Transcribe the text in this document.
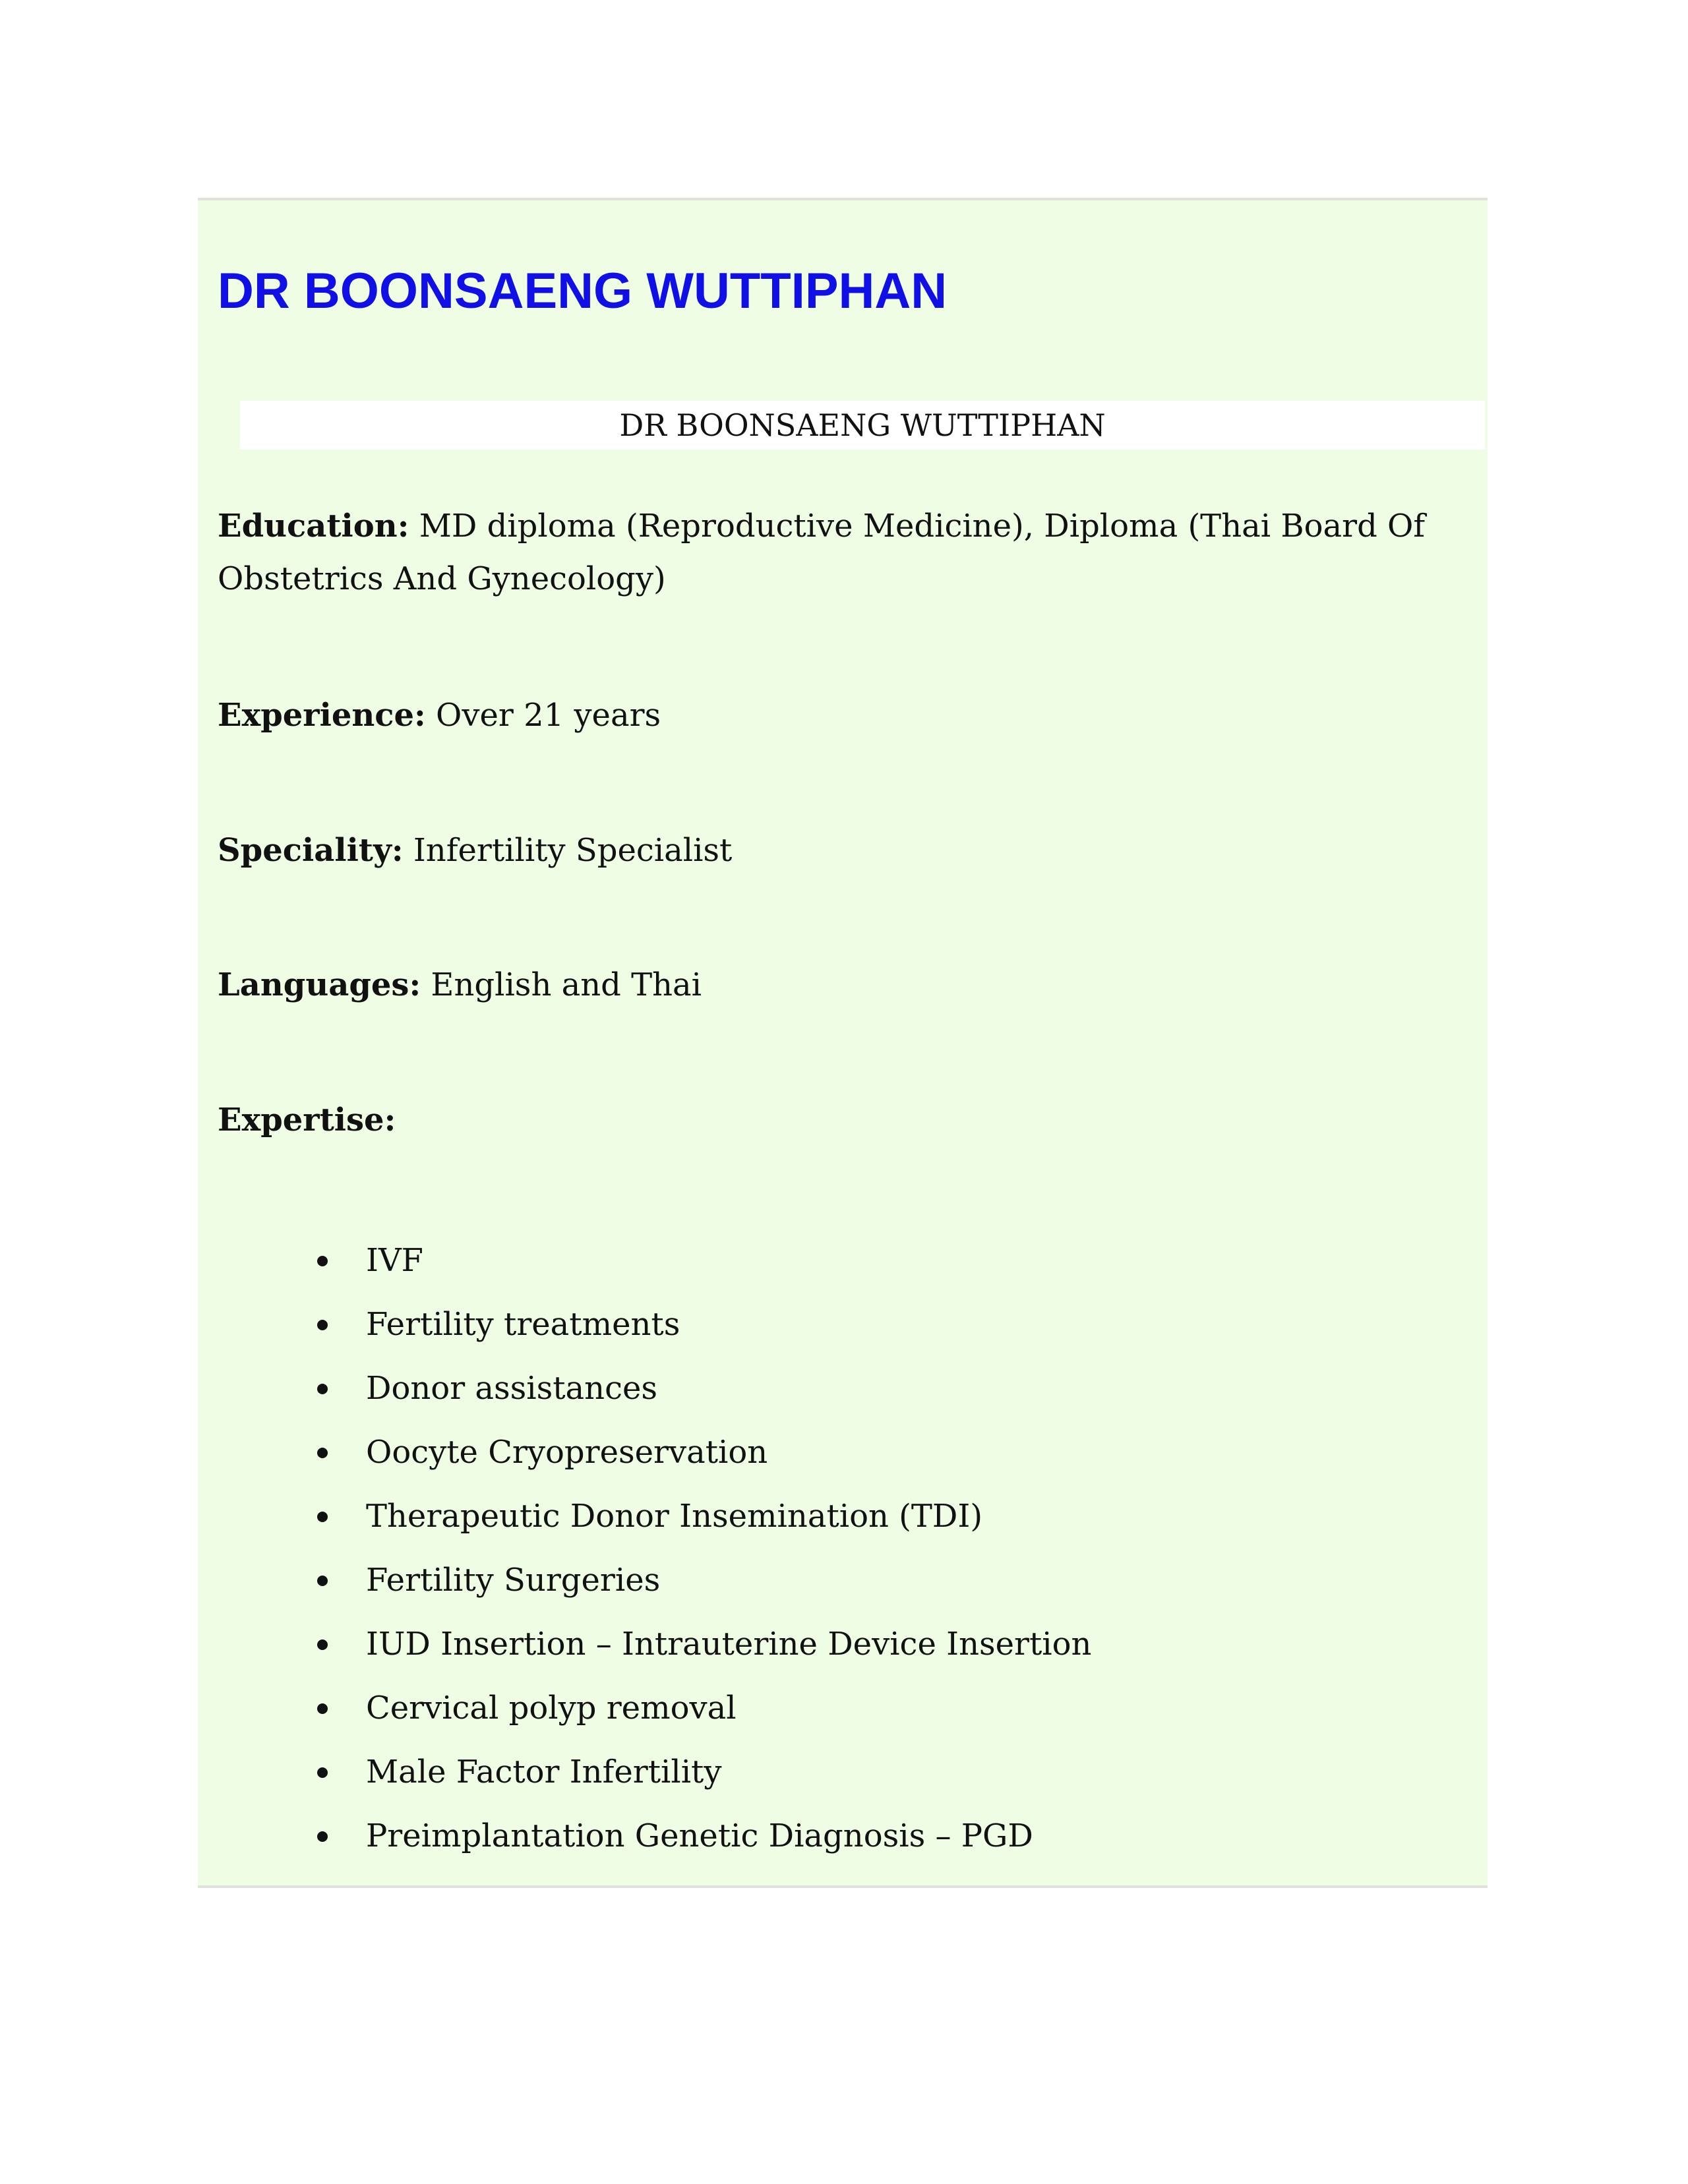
DR BOONSAENG WUTTIPHAN
DR BOONSAENG WUTTIPHAN

Education: MD diploma (Reproductive Medicine), Diploma (Thai Board Of Obstetrics And Gynecology)

Experience: Over 21 years

Speciality: Infertility Specialist

Languages: English and Thai

Expertise:

IVF
Fertility treatments
Donor assistances
Oocyte Cryopreservation
Therapeutic Donor Insemination (TDI)
Fertility Surgeries
IUD Insertion – Intrauterine Device Insertion
Cervical polyp removal
Male Factor Infertility
Preimplantation Genetic Diagnosis – PGD
